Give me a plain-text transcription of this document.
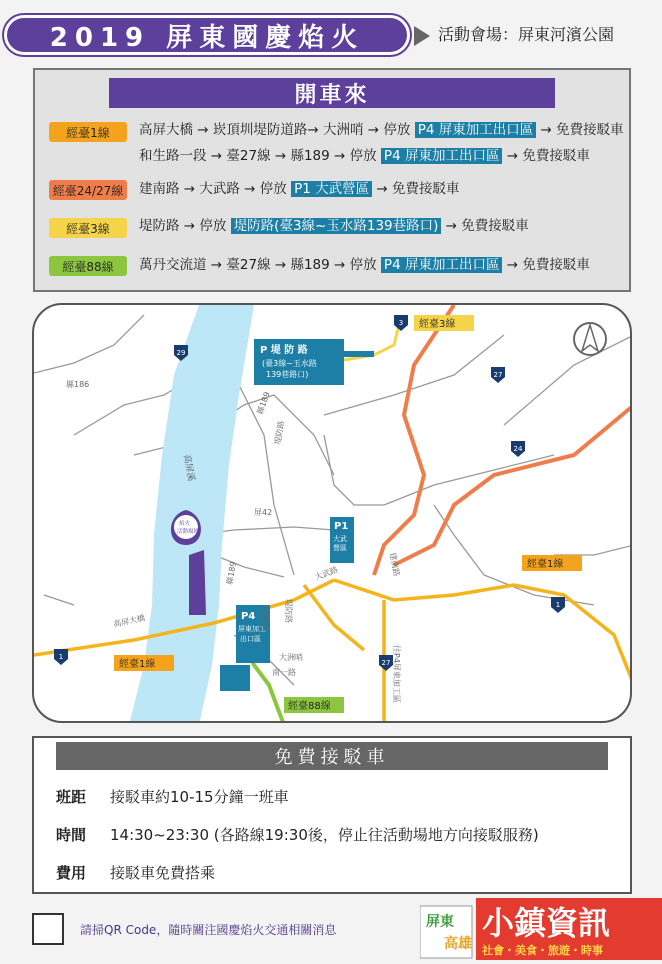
2019 屏東國慶焰火	活動會場：屏東河濱公園
開車來
經臺1線	高屏大橋 → 崁頂圳堤防道路→ 大洲哨 → 停放 P4 屏東加工出口區 → 免費接駁車
和生路一段 → 臺27線 → 縣189 → 停放 P4 屏東加工出口區 → 免費接駁車
經臺24/27線 建南路 → 大武路 → 停放 P1 大武營區 → 免費接駁車
經臺3線	堤防路 → 停放 堤防路(臺3線~玉水路139巷路口) → 免費接駁車
經臺88線	萬丹交流道 → 臺27線 → 縣189 → 停放 P4 屏東加工出口區 → 免費接駁車
高屏溪
P 堤 防 路
(臺3線~玉水路
139巷路口)
P1
大武
營區
P4
屏東加工
出口區
焰火
活動場地
29
3
27
24
1
1
27
經臺3線
經臺1線
經臺1線
經臺88線
縣186
屏42
縣189
縣189
堤防路
高屏大橋
大武路	建南路
崁蘭圳 堤防路
大洲哨
南一路	往P4屏東加工區
免費接駁車
班距 接駁車約10-15分鐘一班車
時間 14:30~23:30 (各路線19:30後，停止往活動場地方向接駁服務)
費用 接駁車免費搭乘
請掃QR Code，隨時關注國慶焰火交通相關消息	屏東
高雄
小鎮資訊
社會・美食・旅遊・時事
